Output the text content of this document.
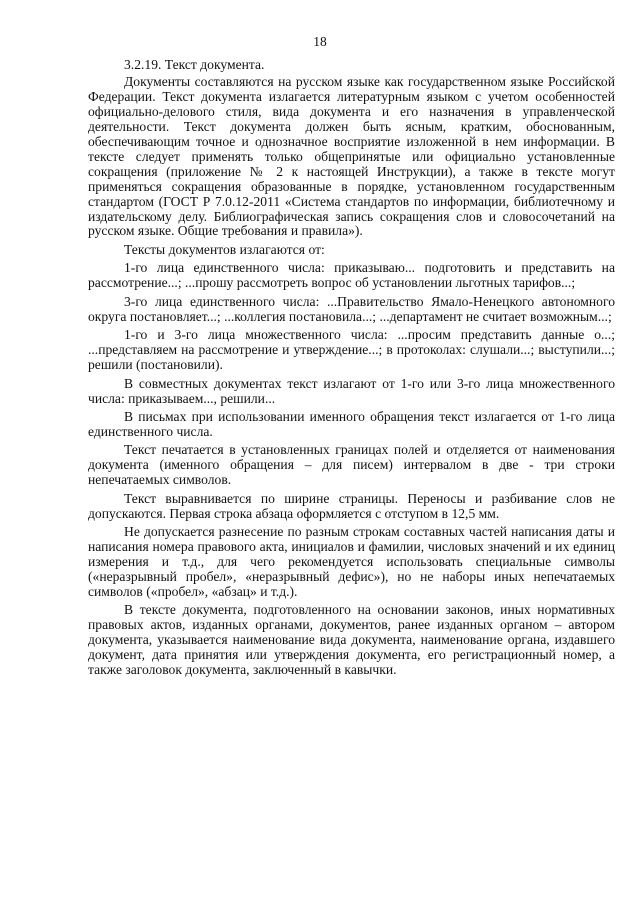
18

3.2.19. Текст документа.

Документы составляются на русском языке как государственном языке Российской Федерации. Текст документа излагается литературным языком с учетом особенностей официально-делового стиля, вида документа и его назначения в управленческой деятельности. Текст документа должен быть ясным, кратким, обоснованным, обеспечивающим точное и однозначное восприятие изложенной в нем информации. В тексте следует применять только общепринятые или официально установленные сокращения (приложение № 2 к настоящей Инструкции), а также в тексте могут применяться сокращения образованные в порядке, установленном государственным стандартом (ГОСТ Р 7.0.12-2011 «Система стандартов по информации, библиотечному и издательскому делу. Библиографическая запись сокращения слов и словосочетаний на русском языке. Общие требования и правила»).

Тексты документов излагаются от:

1-го лица единственного числа: приказываю... подготовить и представить на рассмотрение...; ...прошу рассмотреть вопрос об установлении льготных тарифов...;

3-го лица единственного числа: ...Правительство Ямало-Ненецкого автономного округа постановляет...; ...коллегия постановила...; ...департамент не считает возможным...;

1-го и 3-го лица множественного числа: ...просим представить данные о...; ...представляем на рассмотрение и утверждение...; в протоколах: слушали...; выступили...; решили (постановили).

В совместных документах текст излагают от 1-го или 3-го лица множественного числа: приказываем..., решили...

В письмах при использовании именного обращения текст излагается от 1-го лица единственного числа.

Текст печатается в установленных границах полей и отделяется от наименования документа (именного обращения – для писем) интервалом в две - три строки непечатаемых символов.

Текст выравнивается по ширине страницы. Переносы и разбивание слов не допускаются. Первая строка абзаца оформляется с отступом в 12,5 мм.

Не допускается разнесение по разным строкам составных частей написания даты и написания номера правового акта, инициалов и фамилии, числовых значений и их единиц измерения и т.д., для чего рекомендуется использовать специальные символы («неразрывный пробел», «неразрывный дефис»), но не наборы иных непечатаемых символов («пробел», «абзац» и т.д.).

В тексте документа, подготовленного на основании законов, иных нормативных правовых актов, изданных органами, документов, ранее изданных органом – автором документа, указывается наименование вида документа, наименование органа, издавшего документ, дата принятия или утверждения документа, его регистрационный номер, а также заголовок документа, заключенный в кавычки.
